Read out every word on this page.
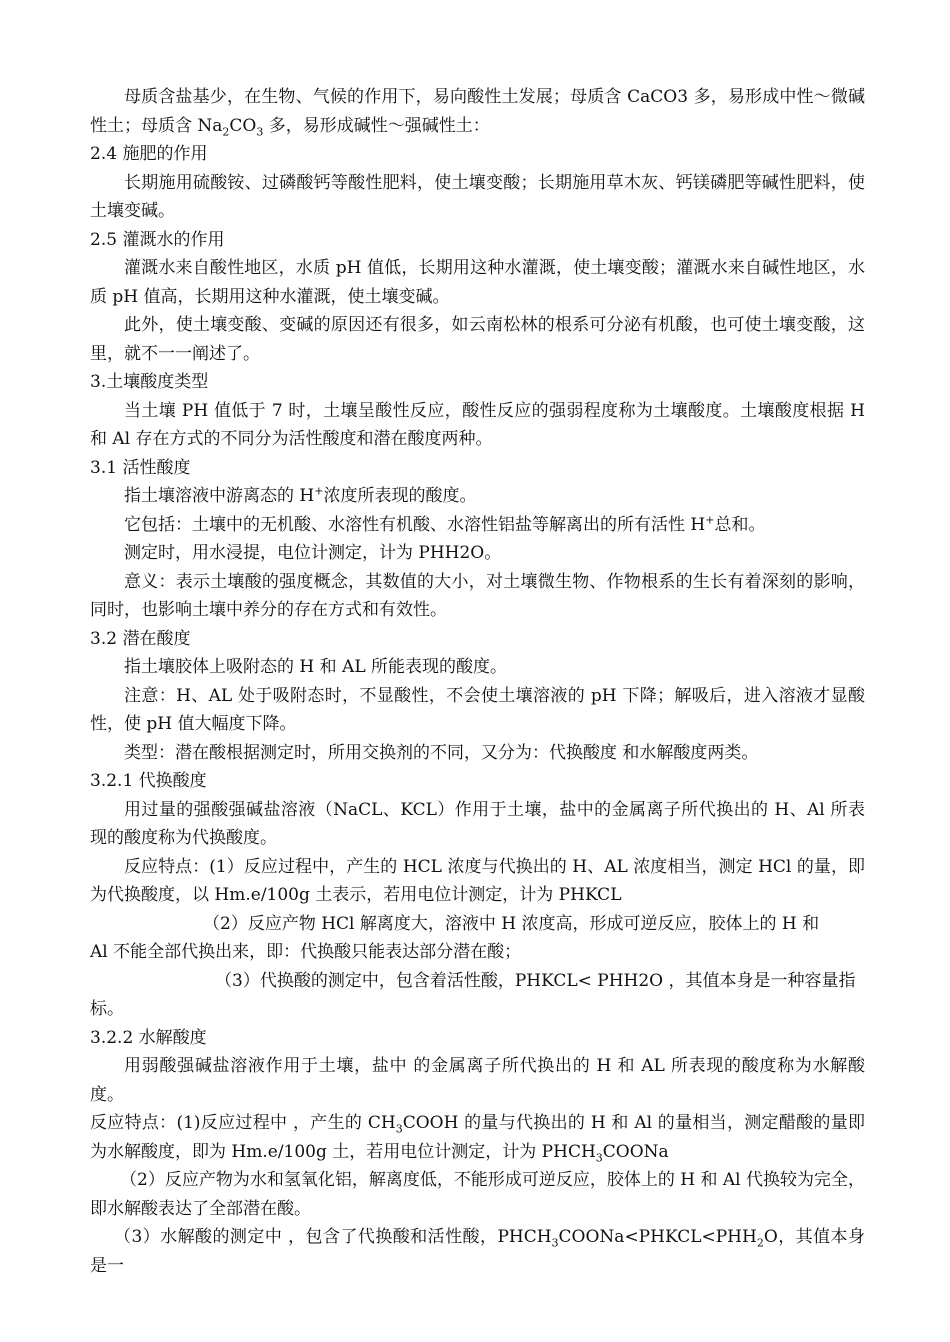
母质含盐基少，在生物、气候的作用下，易向酸性土发展；母质含 CaCO3 多，易形成中性～微碱性土；母质含 $Na_2CO_3$ 多，易形成碱性～强碱性土：

2.4 施肥的作用

长期施用硫酸铵、过磷酸钙等酸性肥料，使土壤变酸；长期施用草木灰、钙镁磷肥等碱性肥料，使土壤变碱。

2.5 灌溉水的作用

灌溉水来自酸性地区，水质 pH 值低，长期用这种水灌溉，使土壤变酸；灌溉水来自碱性地区，水质 pH 值高，长期用这种水灌溉，使土壤变碱。

此外，使土壤变酸、变碱的原因还有很多，如云南松林的根系可分泌有机酸，也可使土壤变酸，这里，就不一一阐述了。

3.土壤酸度类型

当土壤 PH 值低于 7 时，土壤呈酸性反应，酸性反应的强弱程度称为土壤酸度。土壤酸度根据 H 和 Al 存在方式的不同分为活性酸度和潜在酸度两种。

3.1 活性酸度

指土壤溶液中游离态的 H+浓度所表现的酸度。

它包括：土壤中的无机酸、水溶性有机酸、水溶性铝盐等解离出的所有活性 H+总和。

测定时，用水浸提，电位计测定，计为 PHH2O。

意义：表示土壤酸的强度概念，其数值的大小，对土壤微生物、作物根系的生长有着深刻的影响，同时，也影响土壤中养分的存在方式和有效性。

3.2 潜在酸度

指土壤胶体上吸附态的 H 和 AL 所能表现的酸度。

注意：H、AL 处于吸附态时，不显酸性，不会使土壤溶液的 pH 下降；解吸后，进入溶液才显酸性，使 pH 值大幅度下降。

类型：潜在酸根据测定时，所用交换剂的不同，又分为：代换酸度 和水解酸度两类。

3.2.1 代换酸度

用过量的强酸强碱盐溶液（NaCL、KCL）作用于土壤，盐中的金属离子所代换出的 H、Al 所表现的酸度称为代换酸度。

反应特点：(1）反应过程中，产生的 HCL 浓度与代换出的 H、AL 浓度相当，测定 HCl 的量，即为代换酸度，以 Hm.e/100g 土表示，若用电位计测定，计为 PHKCL

（2）反应产物 HCl 解离度大，溶液中 H 浓度高，形成可逆反应，胶体上的 H 和

Al 不能全部代换出来，即：代换酸只能表达部分潜在酸；

（3）代换酸的测定中，包含着活性酸，PHKCL< PHH2O ，其值本身是一种容量指

标。

3.2.2 水解酸度

用弱酸强碱盐溶液作用于土壤，盐中 的金属离子所代换出的 H 和 AL 所表现的酸度称为水解酸度。

反应特点：(1)反应过程中 ，产生的 $CH_3COOH$ 的量与代换出的 H 和 Al 的量相当，测定醋酸的量即为水解酸度，即为 Hm.e/100g 土，若用电位计测定，计为 $PHCH_3COONa$

（2）反应产物为水和氢氧化铝，解离度低，不能形成可逆反应，胶体上的 H 和 Al 代换较为完全，即水解酸表达了全部潜在酸。

（3）水解酸的测定中 ，包含了代换酸和活性酸，$PHCH_3COONa<PHKCL<PHH_2O$，其值本身是一
